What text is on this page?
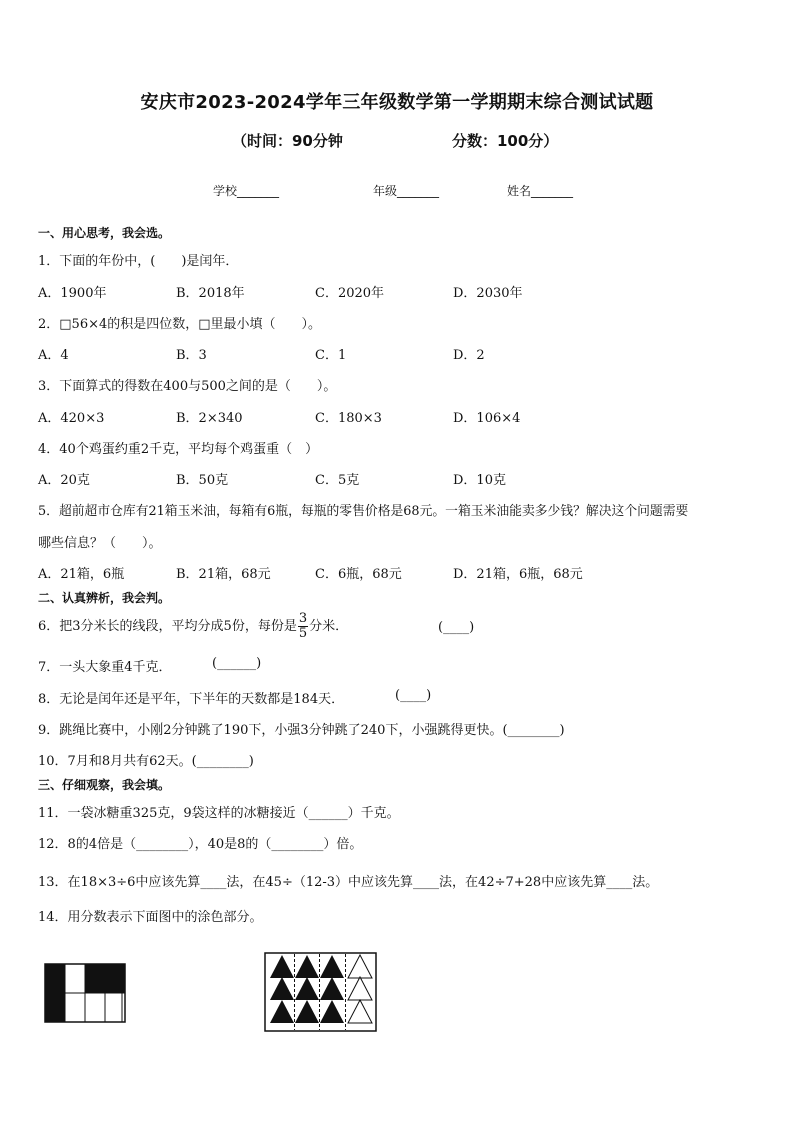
安庆市2023-2024学年三年级数学第一学期期末综合测试试题
（时间：90分钟	分数：100分）
学校_______	年级_______	姓名_______
一、用心思考，我会选。
1．下面的年份中，(　　)是闰年．
A．1900年	B．2018年	C．2020年	D．2030年
2．□56×4的积是四位数，□里最小填（　　）。
A．4	B．3	C．1	D．2
3．下面算式的得数在400与500之间的是（　　）。
A．420×3	B．2×340	C．180×3	D．106×4
4．40个鸡蛋约重2千克，平均每个鸡蛋重（　）
A．20克	B．50克	C．5克	D．10克
5．超前超市仓库有21箱玉米油，每箱有6瓶，每瓶的零售价格是68元。一箱玉米油能卖多少钱？解决这个问题需要
哪些信息？（　　）。
A．21箱，6瓶	B．21箱，68元	C．6瓶，68元	D．21箱，6瓶，68元
二、认真辨析，我会判。
6．把3分米长的线段，平均分成5份，每份是 $\frac{3}{5}$ 分米．	(____)
7．一头大象重4千克．	(______)
8．无论是闰年还是平年，下半年的天数都是184天．	(____)
9．跳绳比赛中，小刚2分钟跳了190下，小强3分钟跳了240下，小强跳得更快。(________)
10．7月和8月共有62天。(________)
三、仔细观察，我会填。
11．一袋冰糖重325克，9袋这样的冰糖接近（______）千克。
12．8的4倍是（________），40是8的（________）倍。
13．在18×3÷6中应该先算____法，在45÷（12-3）中应该先算____法，在42÷7+28中应该先算____法。
14．用分数表示下面图中的涂色部分。
